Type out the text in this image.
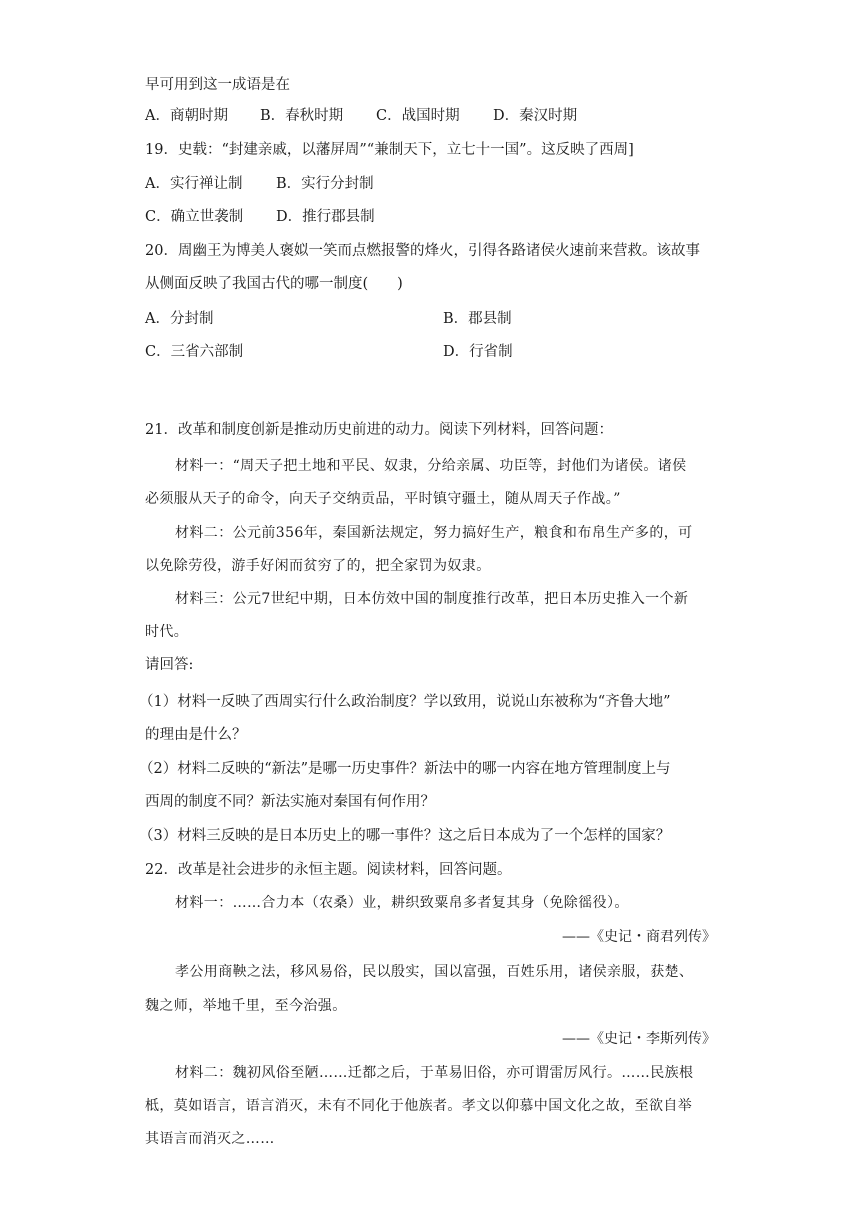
早可用到这一成语是在
A．商朝时期 B．春秋时期 C．战国时期 D．秦汉时期
19．史载：“封建亲戚，以藩屏周”“兼制天下，立七十一国”。这反映了西周]
A．实行禅让制 B．实行分封制
C．确立世袭制 D．推行郡县制
20．周幽王为博美人褒姒一笑而点燃报警的烽火，引得各路诸侯火速前来营救。该故事
从侧面反映了我国古代的哪一制度(　　)
A．分封制	B．郡县制
C．三省六部制	D．行省制
21．改革和制度创新是推动历史前进的动力。阅读下列材料，回答问题：
材料一：“周天子把土地和平民、奴隶，分给亲属、功臣等，封他们为诸侯。诸侯
必须服从天子的命令，向天子交纳贡品，平时镇守疆土，随从周天子作战。”
材料二：公元前356年，秦国新法规定，努力搞好生产，粮食和布帛生产多的，可
以免除劳役，游手好闲而贫穷了的，把全家罚为奴隶。
材料三：公元7世纪中期，日本仿效中国的制度推行改革，把日本历史推入一个新
时代。
请回答:
（1）材料一反映了西周实行什么政治制度？学以致用，说说山东被称为“齐鲁大地”
的理由是什么？
（2）材料二反映的“新法”是哪一历史事件？新法中的哪一内容在地方管理制度上与
西周的制度不同？新法实施对秦国有何作用？
（3）材料三反映的是日本历史上的哪一事件？这之后日本成为了一个怎样的国家？
22．改革是社会进步的永恒主题。阅读材料，回答问题。
材料一：……合力本（农桑）业，耕织致粟帛多者复其身（免除徭役）。
——《史记・商君列传》
孝公用商鞅之法，移风易俗，民以殷实，国以富强，百姓乐用，诸侯亲服，获楚、
魏之师，举地千里，至今治强。
——《史记・李斯列传》
材料二：魏初风俗至陋……迁都之后，于革易旧俗，亦可谓雷厉风行。……民族根
柢，莫如语言，语言消灭，未有不同化于他族者。孝文以仰慕中国文化之故，至欲自举
其语言而消灭之……
